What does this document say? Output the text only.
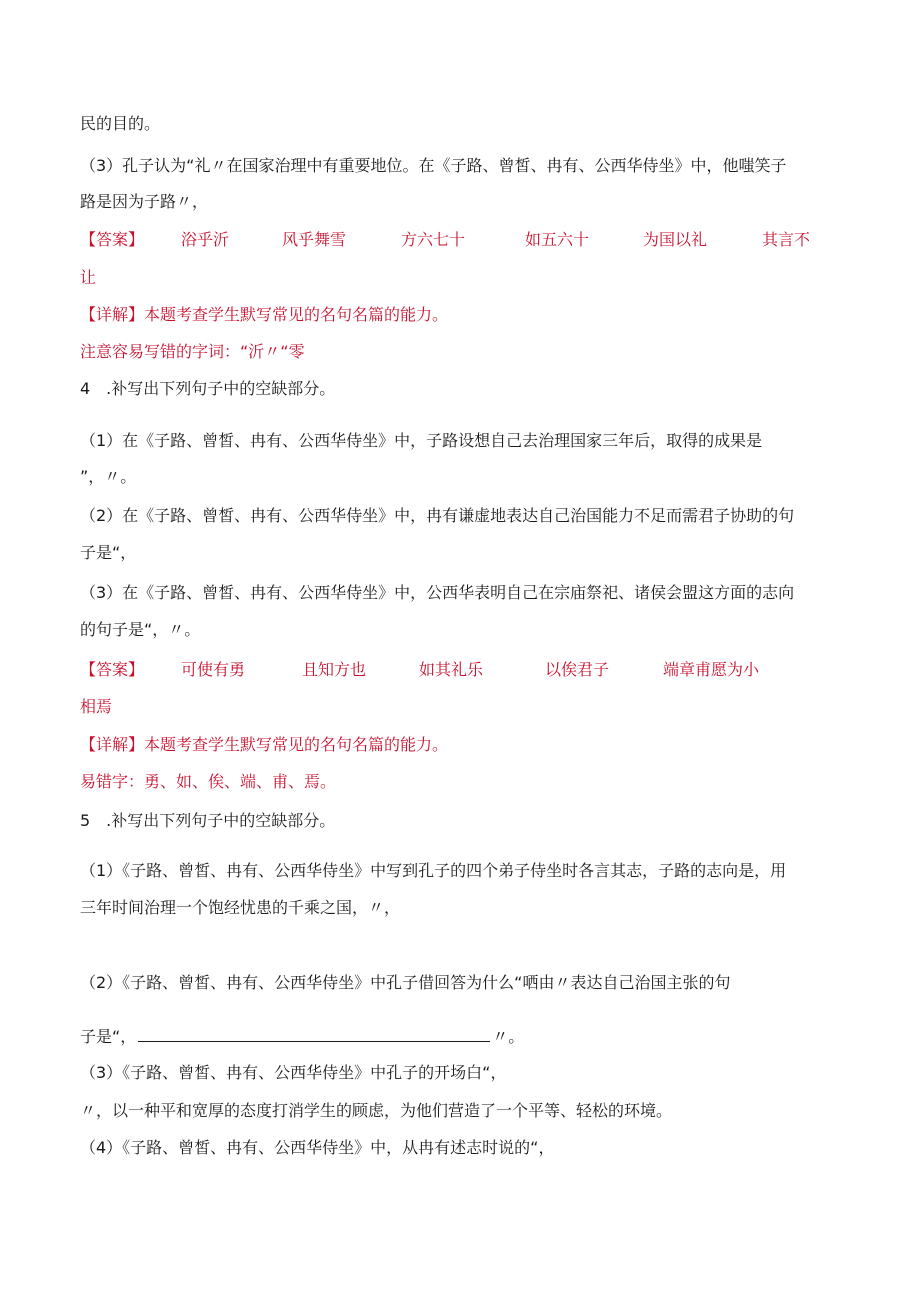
民的目的。
（3）孔子认为“礼〃在国家治理中有重要地位。在《子路、曾皙、冉有、公西华侍坐》中，他嗤笑子
路是因为子路〃，
【答案】 浴乎沂	风乎舞雪	方六七十	如五六十	为国以礼	其言不
让
【详解】本题考查学生默写常见的名句名篇的能力。
注意容易写错的字词：“沂〃“零
4　.补写出下列句子中的空缺部分。
（1）在《子路、曾皙、冉有、公西华侍坐》中，子路设想自己去治理国家三年后，取得的成果是
”，〃。
（2）在《子路、曾皙、冉有、公西华侍坐》中，冉有谦虚地表达自己治国能力不足而需君子协助的句
子是“，
（3）在《子路、曾皙、冉有、公西华侍坐》中，公西华表明自己在宗庙祭祀、诸侯会盟这方面的志向
的句子是“，〃。
【答案】 可使有勇	且知方也	如其礼乐	以俟君子	端章甫愿为小
相焉
【详解】本题考查学生默写常见的名句名篇的能力。
易错字：勇、如、俟、端、甫、焉。
5　.补写出下列句子中的空缺部分。
（1）《子路、曾皙、冉有、公西华侍坐》中写到孔子的四个弟子侍坐时各言其志，子路的志向是，用
三年时间治理一个饱经忧患的千乘之国，〃，
（2）《子路、曾皙、冉有、公西华侍坐》中孔子借回答为什么“哂由〃表达自己治国主张的句
子是“，	〃。
（3）《子路、曾皙、冉有、公西华侍坐》中孔子的开场白“，
〃，以一种平和宽厚的态度打消学生的顾虑，为他们营造了一个平等、轻松的环境。
（4）《子路、曾皙、冉有、公西华侍坐》中，从冉有述志时说的“，
